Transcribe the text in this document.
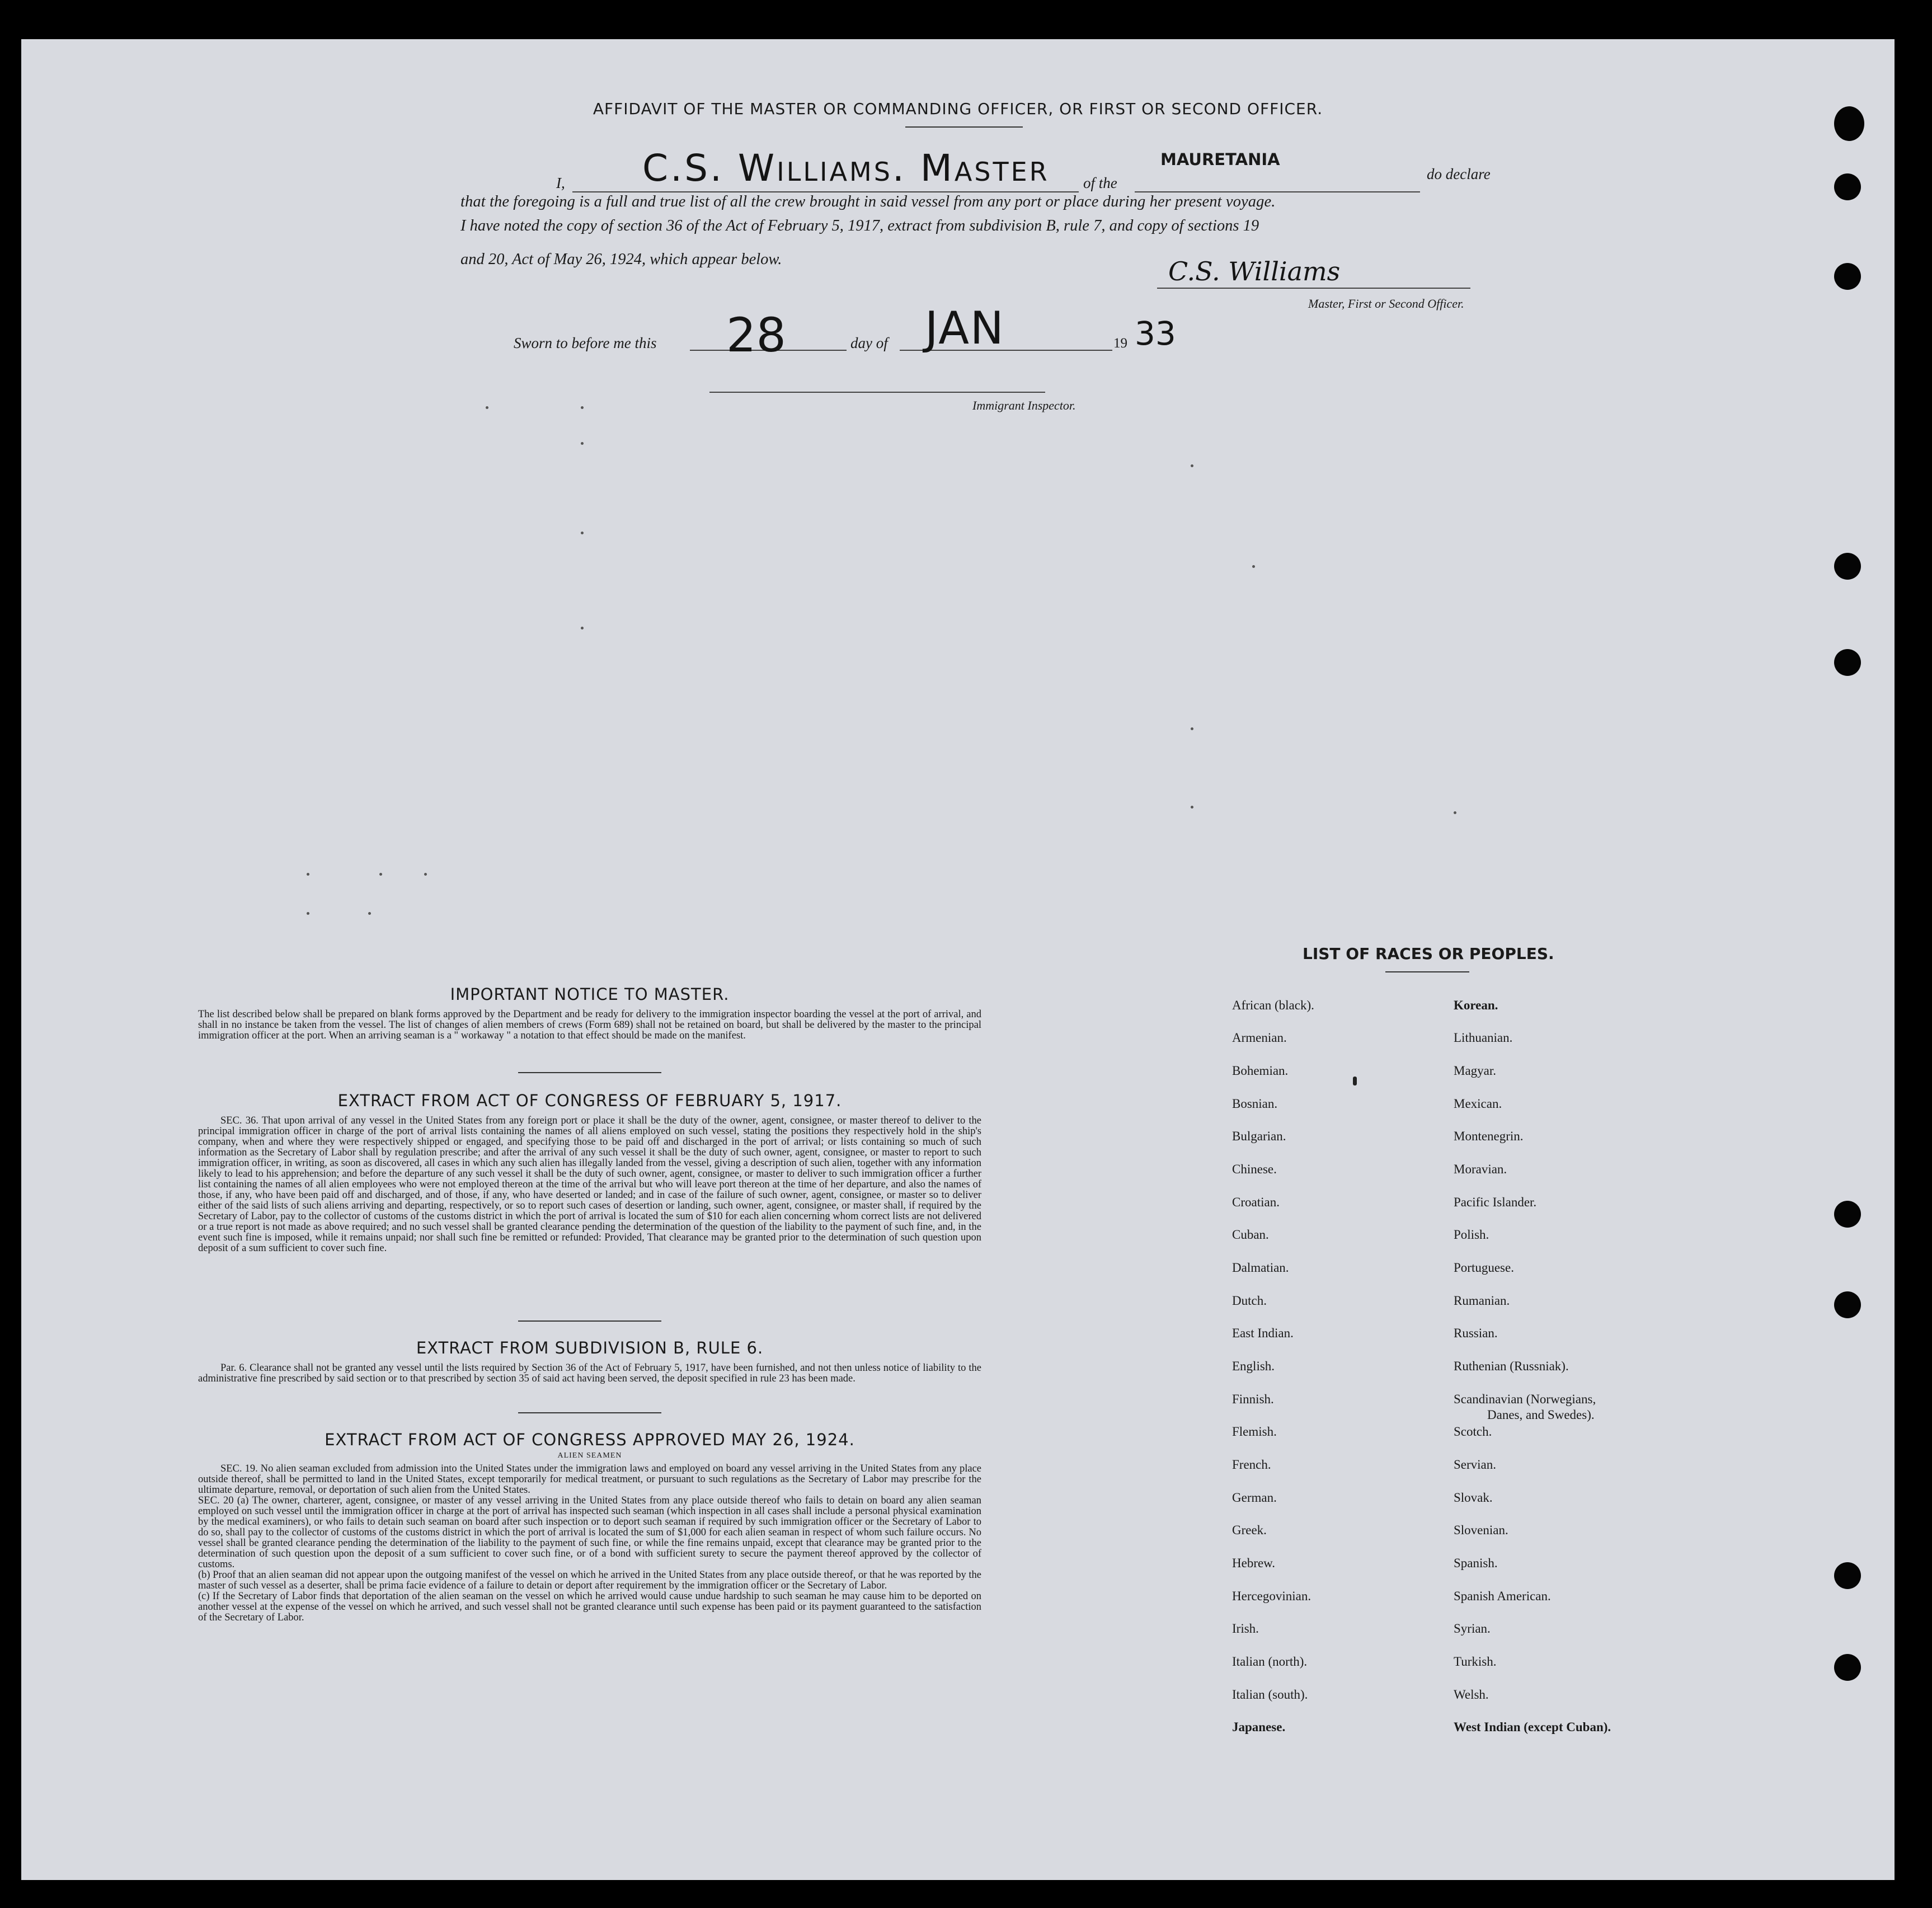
AFFIDAVIT OF THE MASTER OR COMMANDING OFFICER, OR FIRST OR SECOND OFFICER.
I, C.S. Williams. Master of the
MAURETANIA
do declare
that the foregoing is a full and true list of all the crew brought in said vessel from any port or place during her present voyage.
I have noted the copy of section 36 of the Act of February 5, 1917, extract from subdivision B, rule 7, and copy of sections 19
and 20, Act of May 26, 1924, which appear below.	C.S. Williams
Master, First or Second Officer.
Sworn to before me this 28	day of JAN	19 33
Immigrant Inspector.
IMPORTANT NOTICE TO MASTER.
The list described below shall be prepared on blank forms approved by the Department and be ready for delivery to the immigration inspector boarding the vessel at the port of arrival, and shall in no instance be taken from the vessel. The list of changes of alien members of crews (Form 689) shall not be retained on board, but shall be delivered by the master to the principal immigration officer at the port. When an arriving seaman is a " workaway " a notation to that effect should be made on the manifest.
EXTRACT FROM ACT OF CONGRESS OF FEBRUARY 5, 1917.
SEC. 36. That upon arrival of any vessel in the United States from any foreign port or place it shall be the duty of the owner, agent, consignee, or master thereof to deliver to the principal immigration officer in charge of the port of arrival lists containing the names of all aliens employed on such vessel, stating the positions they respectively hold in the ship's company, when and where they were respectively shipped or engaged, and specifying those to be paid off and discharged in the port of arrival; or lists containing so much of such information as the Secretary of Labor shall by regulation prescribe; and after the arrival of any such vessel it shall be the duty of such owner, agent, consignee, or master to report to such immigration officer, in writing, as soon as discovered, all cases in which any such alien has illegally landed from the vessel, giving a description of such alien, together with any information likely to lead to his apprehension; and before the departure of any such vessel it shall be the duty of such owner, agent, consignee, or master to deliver to such immigration officer a further list containing the names of all alien employees who were not employed thereon at the time of the arrival but who will leave port thereon at the time of her departure, and also the names of those, if any, who have been paid off and discharged, and of those, if any, who have deserted or landed; and in case of the failure of such owner, agent, consignee, or master so to deliver either of the said lists of such aliens arriving and departing, respectively, or so to report such cases of desertion or landing, such owner, agent, consignee, or master shall, if required by the Secretary of Labor, pay to the collector of customs of the customs district in which the port of arrival is located the sum of $10 for each alien concerning whom correct lists are not delivered or a true report is not made as above required; and no such vessel shall be granted clearance pending the determination of the question of the liability to the payment of such fine, and, in the event such fine is imposed, while it remains unpaid; nor shall such fine be remitted or refunded: Provided, That clearance may be granted prior to the determination of such question upon deposit of a sum sufficient to cover such fine.
EXTRACT FROM SUBDIVISION B, RULE 6.
Par. 6. Clearance shall not be granted any vessel until the lists required by Section 36 of the Act of February 5, 1917, have been furnished, and not then unless notice of liability to the administrative fine prescribed by said section or to that prescribed by section 35 of said act having been served, the deposit specified in rule 23 has been made.
EXTRACT FROM ACT OF CONGRESS APPROVED MAY 26, 1924.
ALIEN SEAMEN
SEC. 19. No alien seaman excluded from admission into the United States under the immigration laws and employed on board any vessel arriving in the United States from any place outside thereof, shall be permitted to land in the United States, except temporarily for medical treatment, or pursuant to such regulations as the Secretary of Labor may prescribe for the ultimate departure, removal, or deportation of such alien from the United States.
SEC. 20 (a) The owner, charterer, agent, consignee, or master of any vessel arriving in the United States from any place outside thereof who fails to detain on board any alien seaman employed on such vessel until the immigration officer in charge at the port of arrival has inspected such seaman (which inspection in all cases shall include a personal physical examination by the medical examiners), or who fails to detain such seaman on board after such inspection or to deport such seaman if required by such immigration officer or the Secretary of Labor to do so, shall pay to the collector of customs of the customs district in which the port of arrival is located the sum of $1,000 for each alien seaman in respect of whom such failure occurs. No vessel shall be granted clearance pending the determination of the liability to the payment of such fine, or while the fine remains unpaid, except that clearance may be granted prior to the determination of such question upon the deposit of a sum sufficient to cover such fine, or of a bond with sufficient surety to secure the payment thereof approved by the collector of customs.
(b) Proof that an alien seaman did not appear upon the outgoing manifest of the vessel on which he arrived in the United States from any place outside thereof, or that he was reported by the master of such vessel as a deserter, shall be prima facie evidence of a failure to detain or deport after requirement by the immigration officer or the Secretary of Labor.
(c) If the Secretary of Labor finds that deportation of the alien seaman on the vessel on which he arrived would cause undue hardship to such seaman he may cause him to be deported on another vessel at the expense of the vessel on which he arrived, and such vessel shall not be granted clearance until such expense has been paid or its payment guaranteed to the satisfaction of the Secretary of Labor.
LIST OF RACES OR PEOPLES.
African (black).
Armenian.
Bohemian.
Bosnian.
Bulgarian.
Chinese.
Croatian.
Cuban.
Dalmatian.
Dutch.
East Indian.
English.
Finnish.
Flemish.
French.
German.
Greek.
Hebrew.
Hercegovinian.
Irish.
Italian (north).
Italian (south).
Japanese.
Korean.
Lithuanian.
Magyar.
Mexican.
Montenegrin.
Moravian.
Pacific Islander.
Polish.
Portuguese.
Rumanian.
Russian.
Ruthenian (Russniak).
Scandinavian (Norwegians,
Danes, and Swedes).
Scotch.
Servian.
Slovak.
Slovenian.
Spanish.
Spanish American.
Syrian.
Turkish.
Welsh.
West Indian (except Cuban).
